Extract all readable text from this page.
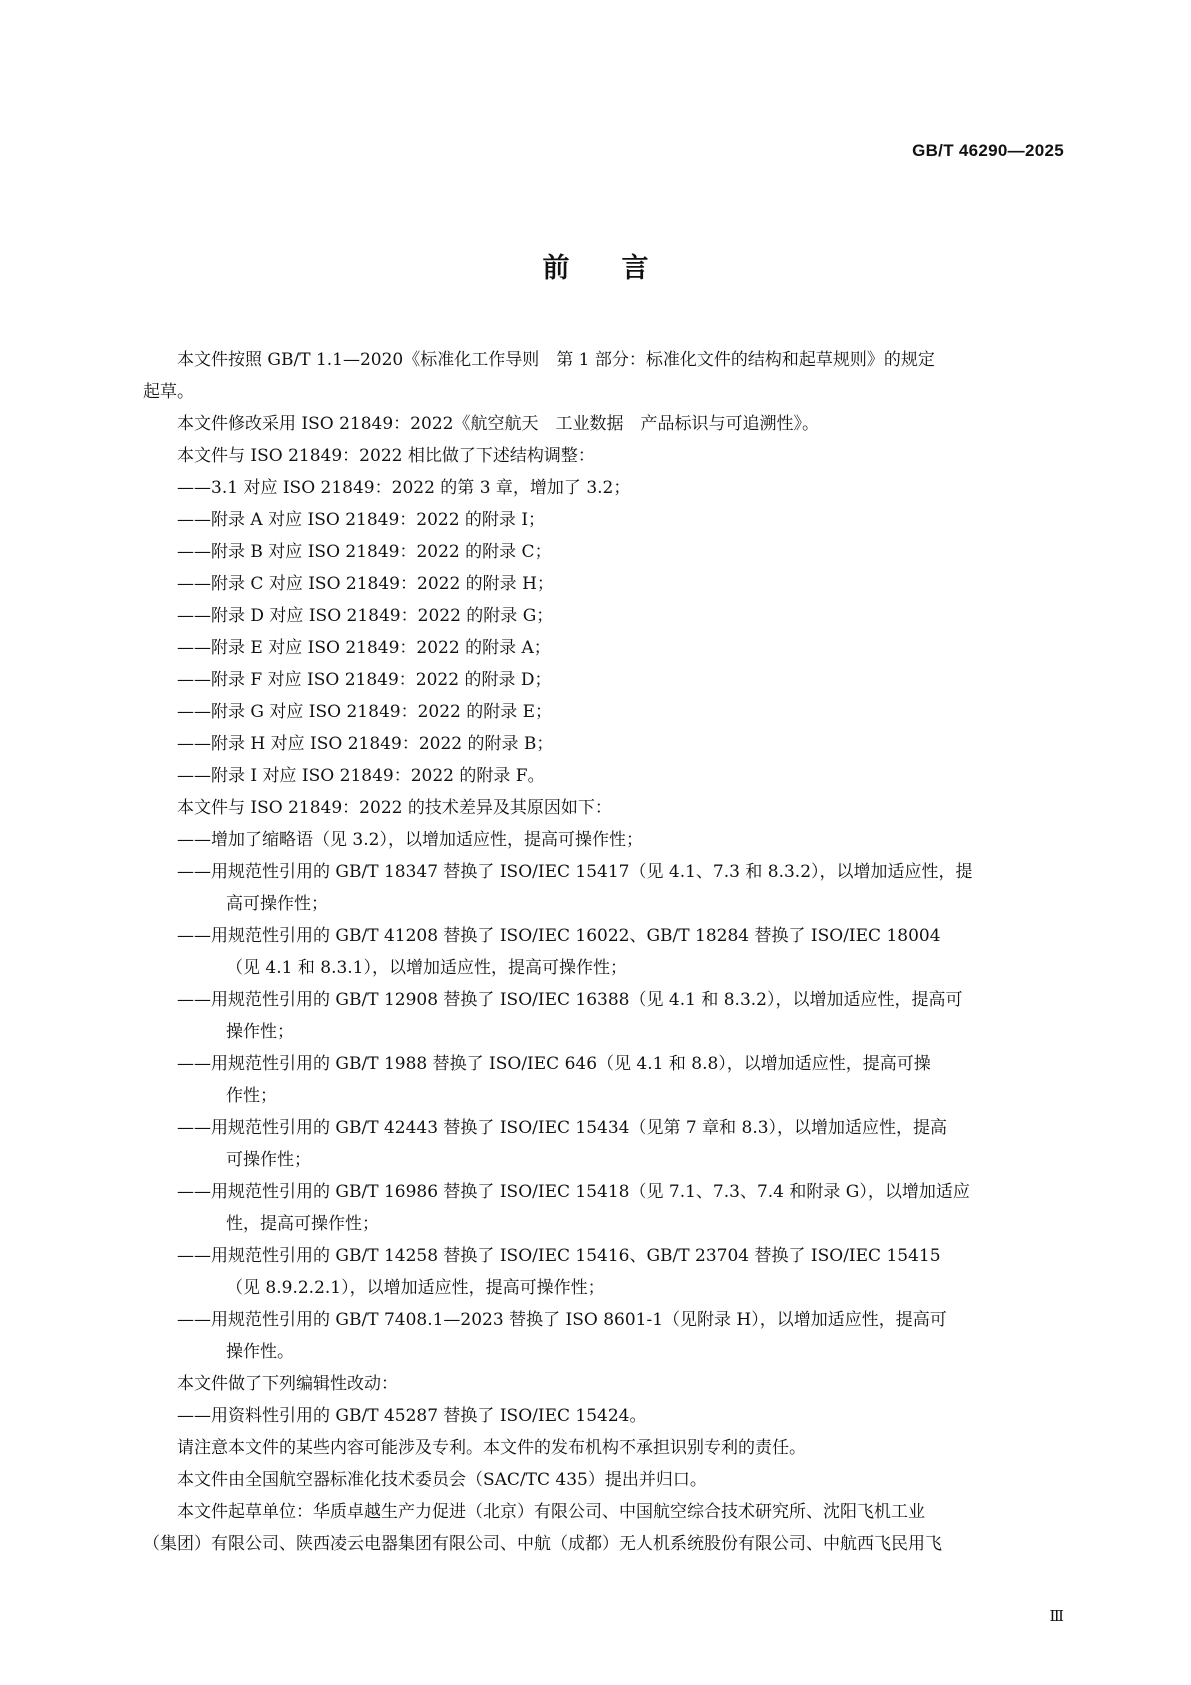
GB/T 46290—2025
前言
本文件按照 GB/T 1.1—2020《标准化工作导则　第 1 部分：标准化文件的结构和起草规则》的规定
起草。
本文件修改采用 ISO 21849：2022《航空航天　工业数据　产品标识与可追溯性》。
本文件与 ISO 21849：2022 相比做了下述结构调整：
——3.1 对应 ISO 21849：2022 的第 3 章，增加了 3.2；
——附录 A 对应 ISO 21849：2022 的附录 I；
——附录 B 对应 ISO 21849：2022 的附录 C；
——附录 C 对应 ISO 21849：2022 的附录 H；
——附录 D 对应 ISO 21849：2022 的附录 G；
——附录 E 对应 ISO 21849：2022 的附录 A；
——附录 F 对应 ISO 21849：2022 的附录 D；
——附录 G 对应 ISO 21849：2022 的附录 E；
——附录 H 对应 ISO 21849：2022 的附录 B；
——附录 I 对应 ISO 21849：2022 的附录 F。
本文件与 ISO 21849：2022 的技术差异及其原因如下：
——增加了缩略语（见 3.2），以增加适应性，提高可操作性；
——用规范性引用的 GB/T 18347 替换了 ISO/IEC 15417（见 4.1、7.3 和 8.3.2），以增加适应性，提
高可操作性；
——用规范性引用的 GB/T 41208 替换了 ISO/IEC 16022、GB/T 18284 替换了 ISO/IEC 18004
（见 4.1 和 8.3.1），以增加适应性，提高可操作性；
——用规范性引用的 GB/T 12908 替换了 ISO/IEC 16388（见 4.1 和 8.3.2），以增加适应性，提高可
操作性；
——用规范性引用的 GB/T 1988 替换了 ISO/IEC 646（见 4.1 和 8.8），以增加适应性，提高可操
作性；
——用规范性引用的 GB/T 42443 替换了 ISO/IEC 15434（见第 7 章和 8.3），以增加适应性，提高
可操作性；
——用规范性引用的 GB/T 16986 替换了 ISO/IEC 15418（见 7.1、7.3、7.4 和附录 G），以增加适应
性，提高可操作性；
——用规范性引用的 GB/T 14258 替换了 ISO/IEC 15416、GB/T 23704 替换了 ISO/IEC 15415
（见 8.9.2.2.1），以增加适应性，提高可操作性；
——用规范性引用的 GB/T 7408.1—2023 替换了 ISO 8601-1（见附录 H），以增加适应性，提高可
操作性。
本文件做了下列编辑性改动：
——用资料性引用的 GB/T 45287 替换了 ISO/IEC 15424。
请注意本文件的某些内容可能涉及专利。本文件的发布机构不承担识别专利的责任。
本文件由全国航空器标准化技术委员会（SAC/TC 435）提出并归口。
本文件起草单位：华质卓越生产力促进（北京）有限公司、中国航空综合技术研究所、沈阳飞机工业
（集团）有限公司、陕西凌云电器集团有限公司、中航（成都）无人机系统股份有限公司、中航西飞民用飞
Ⅲ
